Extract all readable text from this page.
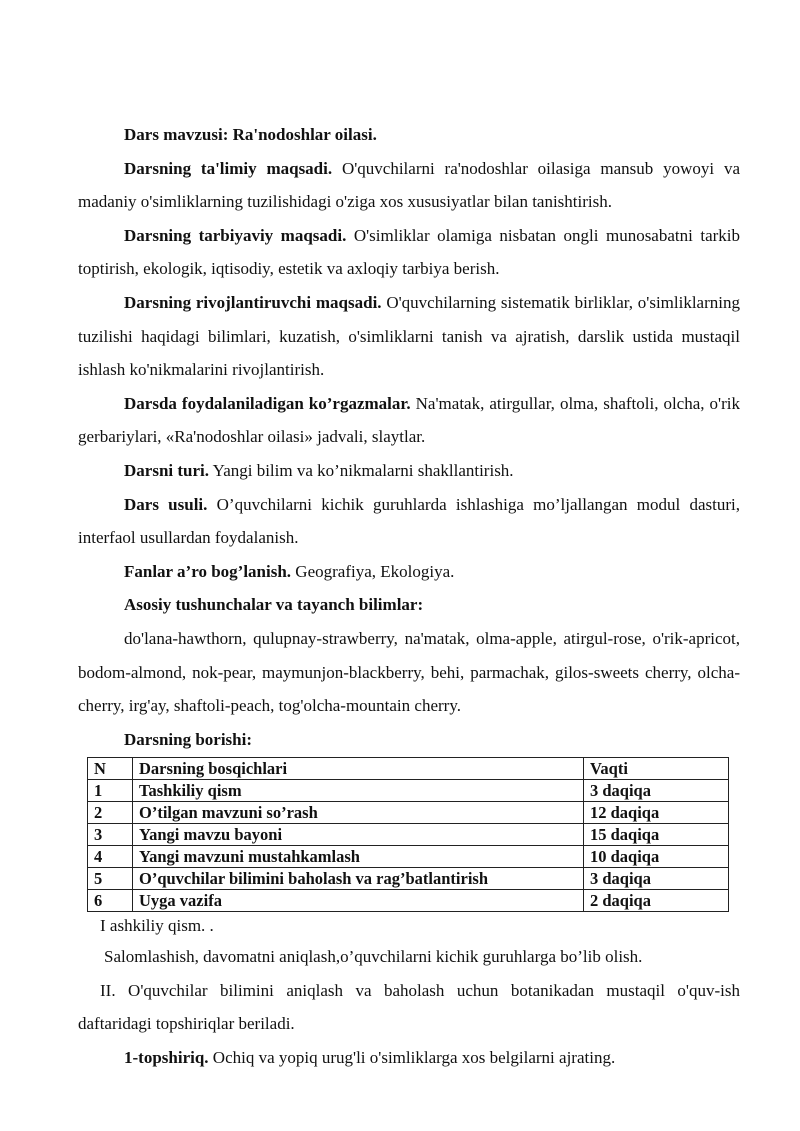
Dars mavzusi: Ra'nodoshlar oilasi.

Darsning ta'limiy maqsadi. O'quvchilarni ra'nodoshlar oilasiga mansub yowoyi va madaniy o'simliklarning tuzilishidagi o'ziga xos xususiyatlar bilan tanishtirish.

Darsning tarbiyaviy maqsadi. O'simliklar olamiga nisbatan ongli munosabatni tarkib toptirish, ekologik, iqtisodiy, estetik va axloqiy tarbiya berish.

Darsning rivojlantiruvchi maqsadi. O'quvchilarning sistematik birliklar, o'simliklarning tuzilishi haqidagi bilimlari, kuzatish, o'simliklarni tanish va ajratish, darslik ustida mustaqil ishlash ko'nikmalarini rivojlantirish.

Darsda foydalaniladigan ko’rgazmalar. Na'matak, atirgullar, olma, shaftoli, olcha, o'rik gerbariylari, «Ra'nodoshlar oilasi» jadvali, slaytlar.

Darsni turi. Yangi bilim va ko’nikmalarni shakllantirish.

Dars usuli. O’quvchilarni kichik guruhlarda ishlashiga mo’ljallangan modul dasturi, interfaol usullardan foydalanish.

Fanlar a’ro bog’lanish. Geografiya, Ekologiya.

Asosiy tushunchalar va tayanch bilimlar:

do'lana-hawthorn, qulupnay-strawberry, na'matak, olma-apple, atirgul-rose, o'rik-apricot, bodom-almond, nok-pear, maymunjon-blackberry, behi, parmachak, gilos-sweets cherry, olcha-cherry, irg'ay, shaftoli-peach, tog'olcha-mountain cherry.

Darsning borishi:

N	Darsning bosqichlari	Vaqti
1	Tashkiliy qism	3 daqiqa
2	O’tilgan mavzuni so’rash	12 daqiqa
3	Yangi mavzu bayoni	15 daqiqa
4	Yangi mavzuni mustahkamlash	10 daqiqa
5	O’quvchilar bilimini baholash va rag’batlantirish	3 daqiqa
6	Uyga vazifa	2 daqiqa

I ashkiliy qism. .

Salomlashish, davomatni aniqlash,o’quvchilarni kichik guruhlarga bo’lib olish.

II. O'quvchilar bilimini aniqlash va baholash uchun botanikadan mustaqil o'quv-ish daftaridagi topshiriqlar beriladi.

1-topshiriq. Ochiq va yopiq urug'li o'simliklarga xos belgilarni ajrating.
